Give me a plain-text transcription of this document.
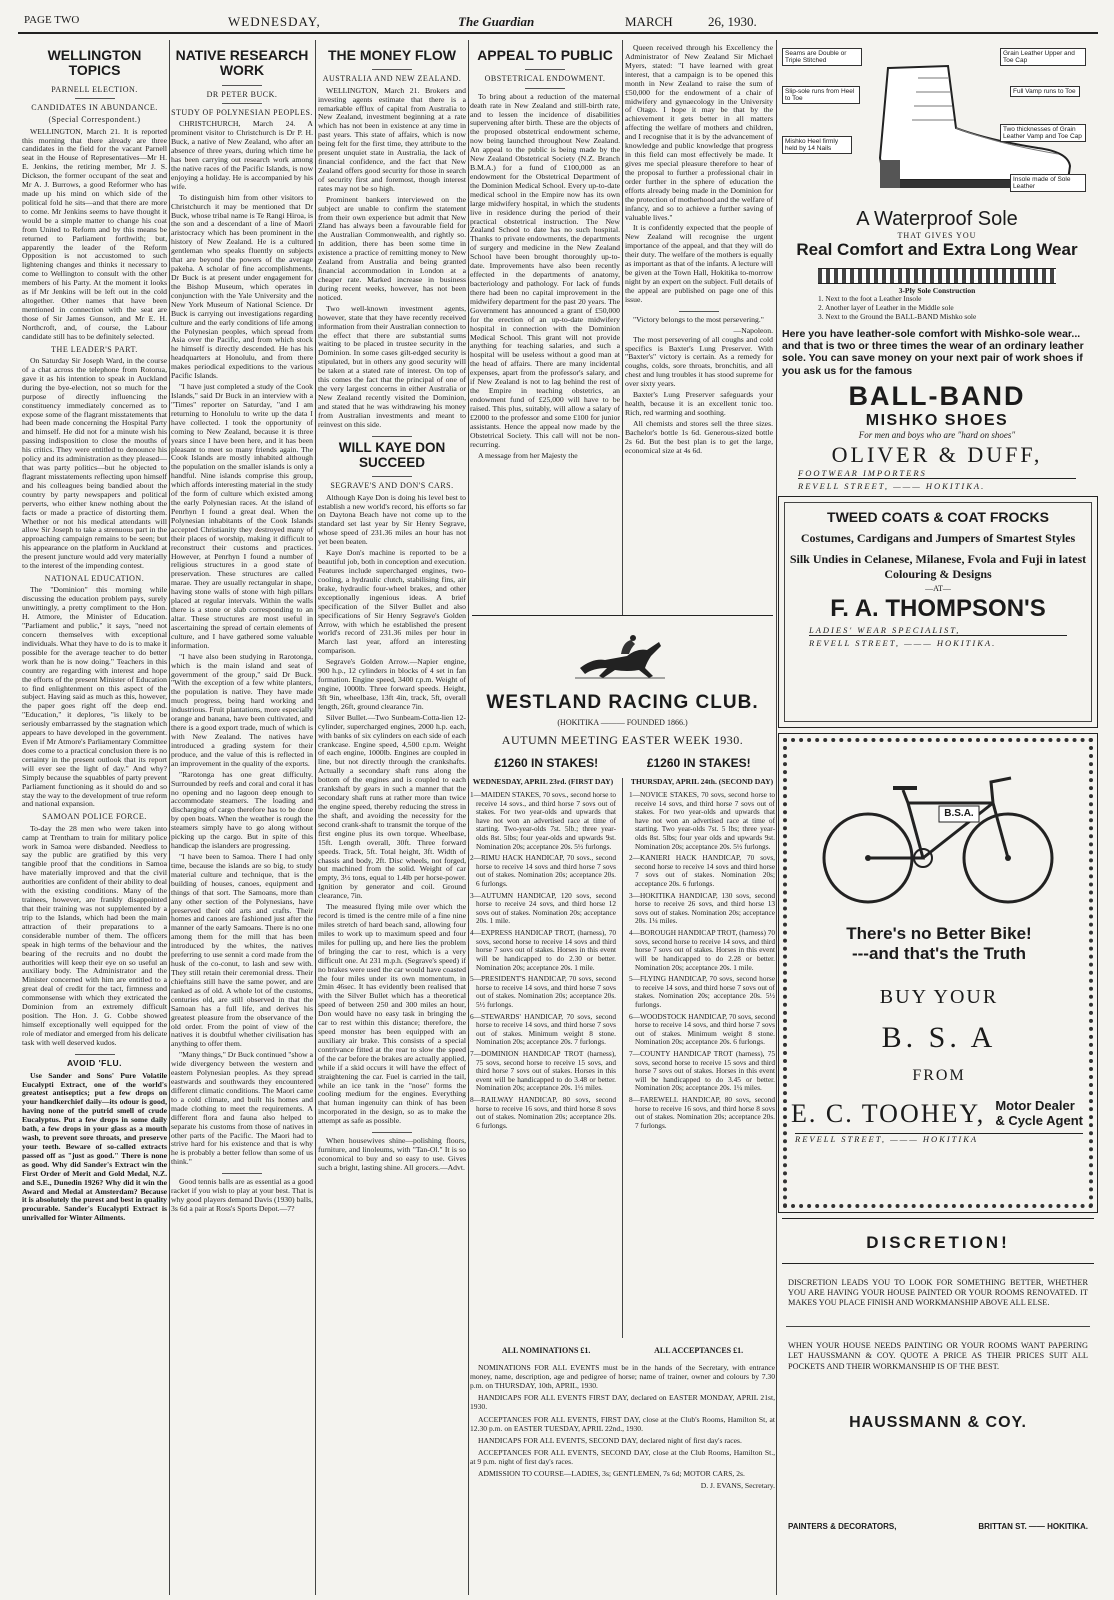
PAGE TWO	WEDNESDAY,	The Guardian	MARCH	26, 1930.
WELLINGTON TOPICS
PARNELL ELECTION.
CANDIDATES IN ABUNDANCE.
(Special Correspondent.)

WELLINGTON, March 21. It is reported this morning that there already are three candidates in the field for the vacant Parnell seat in the House of Representatives—Mr H. E. Jenkins, the retiring member, Mr J. S. Dickson, the former occupant of the seat and Mr A. J. Burrows, a good Reformer who has made up his mind on which side of the political fold he sits—and that there are more to come. Mr Jenkins seems to have thought it would be a simple matter to change his coat from United to Reform and by this means be returned to Parliament forthwith; but, apparently the leader of the Reform Opposition is not accustomed to such lightening changes and thinks it necessary to come to Wellington to consult with the other members of his Party. At the moment it looks as if Mr Jenkins will be left out in the cold altogether. Other names that have been mentioned in connection with the seat are those of Sir James Gunson, and Mr E. H. Northcroft, and, of course, the Labour candidate still has to be definitely selected.

THE LEADER'S PART.

On Saturday Sir Joseph Ward, in the course of a chat across the telephone from Rotorua, gave it as his intention to speak in Auckland during the bye-election, not so much for the purpose of directly influencing the constituency immediately concerned as to expose some of the flagrant misstatements that had been made concerning the Hospital Party and himself. He did not for a minute wish his passing indisposition to close the mouths of his critics. They were entitled to denounce his policy and its administration as they pleased—that was party politics—but he objected to flagrant misstatements reflecting upon himself and his colleagues being bandied about the country by party newspapers and political perverts, who either knew nothing about the facts or made a practice of distorting them. Whether or not his medical attendants will allow Sir Joseph to take a strenuous part in the approaching campaign remains to be seen; but his appearance on the platform in Auckland at the present juncture would add very materially to the interest of the impending contest.

NATIONAL EDUCATION.

The "Dominion" this morning while discussing the education problem pays, surely unwittingly, a pretty compliment to the Hon. H. Atmore, the Minister of Education. "Parliament and public," it says, "need not concern themselves with exceptional individuals. What they have to do is to make it possible for the average teacher to do better work than he is now doing." Teachers in this country are regarding with interest and hope the efforts of the present Minister of Education to find enlightenment on this aspect of the subject. Having said as much as this, however, the paper goes right off the deep end. "Education," it deplores, "is likely to be seriously embarrassed by the stagnation which appears to have developed in the government. Even if Mr Atmore's Parliamentary Committee does come to a practical conclusion there is no certainty in the present outlook that its report will ever see the light of day." And why? Simply because the squabbles of party prevent Parliament functioning as it should do and so stay the way to the development of true reform and national expansion.

SAMOAN POLICE FORCE.

To-day the 28 men who were taken into camp at Trentham to train for military police work in Samoa were disbanded. Needless to say the public are gratified by this very tangible proof that the conditions in Samoa have materially improved and that the civil authorities are confident of their ability to deal with the existing conditions. Many of the trainees, however, are frankly disappointed that their training was not supplemented by a trip to the Islands, which had been the main attraction of their preparations to a considerable number of them. The officers speak in high terms of the behaviour and the bearing of the recruits and no doubt the authorities will keep their eye on so useful an auxiliary body. The Administrator and the Minister concerned with him are entitled to a great deal of credit for the tact, firmness and commonsense with which they extricated the Dominion from an extremely difficult position. The Hon. J. G. Cobbe showed himself exceptionally well equipped for the role of mediator and emerged from his delicate task with well deserved kudos.

AVOID 'FLU.

Use Sander and Sons' Pure Volatile Eucalypti Extract, one of the world's greatest antiseptics; put a few drops on your handkerchief daily—its odour is good, having none of the putrid smell of crude Eucalyptus. Put a few drops in some daily bath, a few drops in your glass as a mouth wash, to prevent sore throats, and preserve your teeth. Beware of so-called extracts passed off as "just as good." There is none as good. Why did Sander's Extract win the First Order of Merit and Gold Medal, N.Z. and S.E., Dunedin 1926? Why did it win the Award and Medal at Amsterdam? Because it is absolutely the purest and best in quality procurable. Sander's Eucalypti Extract is unrivalled for Winter Ailments.

NATIVE RESEARCH WORK
DR PETER BUCK.
STUDY OF POLYNESIAN PEOPLES.

CHRISTCHURCH, March 24. A prominent visitor to Christchurch is Dr P. H. Buck, a native of New Zealand, who after an absence of three years, during which time he has been carrying out research work among the native races of the Pacific Islands, is now enjoying a holiday. He is accompanied by his wife.

To distinguish him from other visitors to Christchurch it may be mentioned that Dr Buck, whose tribal name is Te Rangi Hiroa, is the son and a descendant of a line of Maori aristocracy which has been prominent in the history of New Zealand. He is a cultured gentleman who speaks fluently on subjects that are beyond the powers of the average pakeha. A scholar of fine accomplishments, Dr Buck is at present under engagement for the Bishop Museum, which operates in conjunction with the Yale University and the New York Museum of National Science. Dr Buck is carrying out investigations regarding culture and the early conditions of life among the Polynesian peoples, which spread from Asia over the Pacific, and from which stock he himself is directly descended. He has his headquarters at Honolulu, and from there makes periodical expeditions to the various Pacific Islands.

"I have just completed a study of the Cook Islands," said Dr Buck in an interview with a "Times" reporter on Saturday, "and I am returning to Honolulu to write up the data I have collected. I took the opportunity of coming to New Zealand, because it is three years since I have been here, and it has been pleasant to meet so many friends again. The Cook Islands are mostly inhabited although the population on the smaller islands is only a handful. Nine islands comprise this group, which affords interesting material in the study of the form of culture which existed among the early Polynesian races. At the island of Penrhyn I found a great deal. When the Polynesian inhabitants of the Cook Islands accepted Christianity they destroyed many of their places of worship, making it difficult to reconstruct their customs and practices. However, at Penrhyn I found a number of religious structures in a good state of preservation. These structures are called marae. They are usually rectangular in shape, having stone walls of stone with high pillars placed at regular intervals. Within the walls there is a stone or slab corresponding to an altar. These structures are most useful in ascertaining the spread of certain elements of culture, and I have gathered some valuable information.

"I have also been studying in Rarotonga, which is the main island and seat of government of the group," said Dr Buck. "With the exception of a few white planters, the population is native. They have made much progress, being hard working and industrious. Fruit plantations, more especially orange and banana, have been cultivated, and there is a good export trade, much of which is with New Zealand. The natives have introduced a grading system for their produce, and the value of this is reflected in an improvement in the quality of the exports.

"Rarotonga has one great difficulty. Surrounded by reefs and coral and coral it has no opening and no lagoon deep enough to accommodate steamers. The loading and discharging of cargo therefore has to be done by open boats. When the weather is rough the steamers simply have to go along without picking up the cargo. But in spite of this handicap the islanders are progressing.

"I have been to Samoa. There I had only time, because the islands are so big, to study material culture and technique, that is the building of houses, canoes, equipment and things of that sort. The Samoans, more than any other section of the Polynesians, have preserved their old arts and crafts. Their homes and canoes are fashioned just after the manner of the early Samoans. There is no one among them for the mill that has been introduced by the whites, the natives preferring to use sennit a cord made from the husk of the co-conut, to lash and sew with. They still retain their ceremonial dress. Their chieftains still have the same power, and are ranked as of old. A whole lot of the customs, centuries old, are still observed in that the Samoan has a full life, and derives his greatest pleasure from the observance of the old order. From the point of view of the natives it is doubtful whether civilisation has anything to offer them.

"Many things," Dr Buck continued "show a wide divergency between the western and eastern Polynesian peoples. As they spread eastwards and southwards they encountered different climatic conditions. The Maori came to a cold climate, and built his homes and made clothing to meet the requirements. A different flora and fauna also helped to separate his customs from those of natives in other parts of the Pacific. The Maori had to strive hard for his existence and that is why he is probably a better fellow than some of us think."

Good tennis balls are as essential as a good racket if you wish to play at your best. That is why good players demand Davis (1930) balls, 3s 6d a pair at Ross's Sports Depot.—7?

THE MONEY FLOW
AUSTRALIA AND NEW ZEALAND.

WELLINGTON, March 21. Brokers and investing agents estimate that there is a remarkable efflux of capital from Australia to New Zealand, investment beginning at a rate which has not been in existence at any time in past years. This state of affairs, which is now being felt for the first time, they attribute to the present unquiet state in Australia, the lack of financial confidence, and the fact that New Zealand offers good security for those in search of security first and foremost, though interest rates may not be so high.

Prominent bankers interviewed on the subject are unable to confirm the statement from their own experience but admit that New Zland has always been a favourable field for the Australian Commonwealth, and rightly so. In addition, there has been some time in existence a practice of remitting money to New Zealand from Australia and being granted financial accommodation in London at a cheaper rate. Marked increase in business during recent weeks, however, has not been noticed.

Two well-known investment agents, however, state that they have recently received information from their Australian connection to the effect that there are substantial sums waiting to be placed in trustee security in the Dominion. In some cases gilt-edged security is stipulated, but in others any good security will be taken at a stated rate of interest. On top of this comes the fact that the principal of one of the very largest concerns in either Australia or New Zealand recently visited the Dominion, and stated that he was withdrawing his money from Australian investments and meant to reinvest on this side.

WILL KAYE DON SUCCEED
SEGRAVE'S AND DON'S CARS.

Although Kaye Don is doing his level best to establish a new world's record, his efforts so far on Daytona Beach have not come up to the standard set last year by Sir Henry Segrave, whose speed of 231.36 miles an hour has not yet been beaten.

Kaye Don's machine is reported to be a beautiful job, both in conception and execution. Features include supercharged engines, two-cooling, a hydraulic clutch, stabilising fins, air brake, hydraulic four-wheel brakes, and other exceptionally ingenious ideas. A brief specification of the Silver Bullet and also specifications of Sir Henry Segrave's Golden Arrow, with which he established the present world's record of 231.36 miles per hour in March last year, afford an interesting comparison.

Segrave's Golden Arrow.—Napier engine, 900 h.p., 12 cylinders in blocks of 4 set in fan formation. Engine speed, 3400 r.p.m. Weight of engine, 1000lb. Three forward speeds. Height, 3ft 9in, wheelbase, 13ft 4in, track, 5ft, overall length, 26ft, ground clearance 7in.

Silver Bullet.—Two Sunbeam-Cotta-lien 12-cylinder, supercharged engines, 2000 h.p. each, with banks of six cylinders on each side of each crankcase. Engine speed, 4,500 r.p.m. Weight of each engine, 1000lb. Engines are coupled in line, but not directly through the crankshafts. Actually a secondary shaft runs along the bottom of the engines and is coupled to each crankshaft by gears in such a manner that the secondary shaft runs at rather more than twice the engine speed, thereby reducing the stress in the shaft, and avoiding the necessity for the second crank-shaft to transmit the torque of the first engine plus its own torque. Wheelbase, 15ft. Length overall, 30ft. Three forward speeds. Track, 5ft. Total height, 3ft. Width of chassis and body, 2ft. Disc wheels, not forged, but machined from the solid. Weight of car empty, 3½ tons, equal to 1.4lb per horse-power. Ignition by generator and coil. Ground clearance, 7in.

The measured flying mile over which the record is timed is the centre mile of a fine nine miles stretch of hard beach sand, allowing four miles to work up to maximum speed and four miles for pulling up, and here lies the problem of bringing the car to rest, which is a very difficult one. At 231 m.p.h. (Segrave's speed) if no brakes were used the car would have coasted the four miles under its own momentum, in 2min 46sec. It has evidently been realised that with the Silver Bullet which has a theoretical speed of between 250 and 300 miles an hour, Don would have no easy task in bringing the car to rest within this distance; therefore, the speed monster has been equipped with an auxiliary air brake. This consists of a special contrivance fitted at the rear to slow the speed of the car before the brakes are actually applied, while if a skid occurs it will have the effect of straightening the car. Fuel is carried in the tail, while an ice tank in the "nose" forms the cooling medium for the engines. Everything that human ingenuity can think of has been incorporated in the design, so as to make the attempt as safe as possible.

When housewives shine—polishing floors, furniture, and linoleums, with "Tan-Ol." It is so economical to buy and so easy to use. Gives such a bright, lasting shine. All grocers.—Advt.

APPEAL TO PUBLIC
OBSTETRICAL ENDOWMENT.

To bring about a reduction of the maternal death rate in New Zealand and still-birth rate, and to lessen the incidence of disabilities supervening after birth. These are the objects of the proposed obstetrical endowment scheme, now being launched throughout New Zealand. An appeal to the public is being made by the New Zealand Obstetrical Society (N.Z. Branch B.M.A.) for a fund of £100,000 as an endowment for the Obstetrical Department of the Dominion Medical School. Every up-to-date medical school in the Empire now has its own large midwifery hospital, in which the students live in residence during the period of their practical obstetrical instruction. The New Zealand School to date has no such hospital. Thanks to private endowments, the departments of surgery and medicine in the New Zealand School have been brought thoroughly up-to-date. Improvements have also been recently effected in the departments of anatomy, bacteriology and pathology. For lack of funds there had been no capital improvement in the midwifery department for the past 20 years. The Government has announced a grant of £50,000 for the erection of an up-to-date midwifery hospital in connection with the Dominion Medical School. This grant will not provide anything for teaching salaries, and such a hospital will be useless without a good man at the head of affairs. There are many incidental expenses, apart from the professor's salary, and if New Zealand is not to lag behind the rest of the Empire in teaching obstetrics, an endowment fund of £25,000 will have to be raised. This plus, suitably, will allow a salary of £2000 to the professor and some £100 for junior assistants. Hence the appeal now made by the Obstetrical Society. This call will not be non-recurring.

A message from her Majesty the

Queen received through his Excellency the Administrator of New Zealand Sir Michael Myers, stated: "I have learned with great interest, that a campaign is to be opened this month in New Zealand to raise the sum of £50,000 for the endowment of a chair of midwifery and gynaecology in the University of Otago. I hope it may be that by the achievement it gets better in all matters affecting the welfare of mothers and children, and I recognise that it is by the advancement of knowledge and public knowledge that progress in this field can most effectively be made. It gives me special pleasure therefore to hear of the proposal to further a professional chair in order further in the sphere of education the efforts already being made in the Dominion for the protection of motherhood and the welfare of infancy, and so to achieve a further saving of valuable lives."

It is confidently expected that the people of New Zealand will recognise the urgent importance of the appeal, and that they will do their duty. The welfare of the mothers is equally as important as that of the infants. A lecture will be given at the Town Hall, Hokitika to-morrow night by an expert on the subject. Full details of the appeal are published on page one of this issue.

"Victory belongs to the most persevering."

—Napoleon.

The most persevering of all coughs and cold specifics is Baxter's Lung Preserver. With "Baxter's" victory is certain. As a remedy for coughs, colds, sore throats, bronchitis, and all chest and lung troubles it has stood supreme for over sixty years.

Baxter's Lung Preserver safeguards your health, because it is an excellent tonic too. Rich, red warming and soothing.

All chemists and stores sell the three sizes. Bachelor's bottle 1s 6d. Generous-sized bottle 2s 6d. But the best plan is to get the large, economical size at 4s 6d.

WESTLAND RACING CLUB.
(HOKITIKA ——— FOUNDED 1866.)
AUTUMN MEETING EASTER WEEK 1930.
£1260 IN STAKES!	£1260 IN STAKES!
WEDNESDAY, APRIL 23rd. (FIRST DAY)

1—MAIDEN STAKES, 70 sovs., second horse to receive 14 sovs., and third horse 7 sovs out of stakes. For two year-olds and upwards that have not won an advertised race at time of starting. Two-year-olds 7st. 5lb.; three year-olds 8st. 5lbs; four year-olds and upwards 9st. Nomination 20s; acceptance 20s. 5½ furlongs.

2—RIMU HACK HANDICAP, 70 sovs., second horse to receive 14 sovs and third horse 7 sovs out of stakes. Nomination 20s; acceptance 20s. 6 furlongs.

3—AUTUMN HANDICAP, 120 sovs, second horse to receive 24 sovs, and third horse 12 sovs out of stakes. Nomination 20s; acceptance 20s. 1 mile.

4—EXPRESS HANDICAP TROT, (harness), 70 sovs, second horse to receive 14 sovs and third horse 7 sovs out of stakes. Horses in this event will be handicapped to do 2.30 or better. Nomination 20s; acceptance 20s. 1 mile.

5—PRESIDENT'S HANDICAP, 70 sovs, second horse to receive 14 sovs, and third horse 7 sovs out of stakes. Nomination 20s; acceptance 20s. 5½ furlongs.

6—STEWARDS' HANDICAP, 70 sovs, second horse to receive 14 sovs, and third horse 7 sovs out of stakes. Minimum weight 8 stone. Nomination 20s; acceptance 20s. 7 furlongs.

7—DOMINION HANDICAP TROT (harness), 75 sovs, second horse to receive 15 sovs, and third horse 7 sovs out of stakes. Horses in this event will be handicapped to do 3.48 or better. Nomination 20s; acceptance 20s. 1½ miles.

8—RAILWAY HANDICAP, 80 sovs, second horse to receive 16 sovs, and third horse 8 sovs out of stakes. Nomination 20s; acceptance 20s. 6 furlongs.

THURSDAY, APRIL 24th. (SECOND DAY)

1—NOVICE STAKES, 70 sovs, second horse to receive 14 sovs, and third horse 7 sovs out of stakes. For two year-olds and upwards that have not won an advertised race at time of starting. Two year-olds 7st. 5 lbs; three year-olds 8st. 5lbs; four year olds and upwards 9st. Nomination 20s; acceptance 20s. 5½ furlongs.

2—KANIERI HACK HANDICAP, 70 sovs, second horse to receive 14 sovs and third horse 7 sovs out of stakes. Nomination 20s; acceptance 20s. 6 furlongs.

3—HOKITIKA HANDICAP, 130 sovs, second horse to receive 26 sovs, and third horse 13 sovs out of stakes. Nomination 20s; acceptance 20s. 1¼ miles.

4—BOROUGH HANDICAP TROT, (harness) 70 sovs, second horse to receive 14 sovs, and third horse 7 sovs out of stakes. Horses in this event will be handicapped to do 2.28 or better. Nomination 20s; acceptance 20s. 1 mile.

5—FLYING HANDICAP, 70 sovs, second horse to receive 14 sovs, and third horse 7 sovs out of stakes. Nomination 20s; acceptance 20s. 5½ furlongs.

6—WOODSTOCK HANDICAP, 70 sovs, second horse to receive 14 sovs, and third horse 7 sovs out of stakes. Minimum weight 8 stone. Nomination 20s; acceptance 20s. 6 furlongs.

7—COUNTY HANDICAP TROT (harness), 75 sovs, second horse to receive 15 sovs and third horse 7 sovs out of stakes. Horses in this event will be handicapped to do 3.45 or better. Nomination 20s; acceptance 20s. 1¼ miles.

8—FAREWELL HANDICAP, 80 sovs, second horse to receive 16 sovs, and third horse 8 sovs out of stakes. Nomination 20s; acceptance 20s. 7 furlongs.

ALL NOMINATIONS £1.	ALL ACCEPTANCES £1.

NOMINATIONS FOR ALL EVENTS must be in the hands of the Secretary, with entrance money, name, description, age and pedigree of horse; name of trainer, owner and colours by 7.30 p.m. on THURSDAY, 10th, APRIL, 1930.

HANDICAPS FOR ALL EVENTS FIRST DAY, declared on EASTER MONDAY, APRIL 21st, 1930.

ACCEPTANCES FOR ALL EVENTS, FIRST DAY, close at the Club's Rooms, Hamilton St, at 12.30 p.m. on EASTER TUESDAY, APRIL 22nd., 1930.

HANDICAPS FOR ALL EVENTS, SECOND DAY, declared night of first day's races.

ACCEPTANCES FOR ALL EVENTS, SECOND DAY, close at the Club Rooms, Hamilton St., at 9 p.m. night of first day's races.

ADMISSION TO COURSE—LADIES, 3s; GENTLEMEN, 7s 6d; MOTOR CARS, 2s.

D. J. EVANS, Secretary.

Seams are Double or Triple Stitched
Grain Leather Upper and Toe Cap
Slip-sole runs from Heel to Toe
Full Vamp runs to Toe
Mishko Heel firmly held by 14 Nails
Two thicknesses of Grain Leather Vamp and Toe Cap
Insole made of Sole Leather
A Waterproof Sole
THAT GIVES YOU
Real Comfort and Extra Long Wear
3-Ply Sole Construction
1. Next to the foot a Leather Insole
2. Another layer of Leather in the Middle sole
3. Next to the Ground the BALL-BAND Mishko sole

Here you have leather-sole comfort with Mishko-sole wear... and that is two or three times the wear of an ordinary leather sole. You can save money on your next pair of work shoes if you ask us for the famous

BALL-BAND
MISHKO SHOES
For men and boys who are "hard on shoes"
OLIVER & DUFF,
FOOTWEAR IMPORTERS
REVELL STREET, ——— HOKITIKA.
TWEED COATS & COAT FROCKS
Costumes, Cardigans and Jumpers of Smartest Styles
Silk Undies in Celanese, Milanese, Fvola and Fuji in latest Colouring & Designs
—AT—
F. A. THOMPSON'S
LADIES' WEAR SPECIALIST,
REVELL STREET, ——— HOKITIKA.
B.S.A.
There's no Better Bike!
---and that's the Truth
BUY YOUR
B. S. A
FROM
E. C. TOOHEY, Motor Dealer
& Cycle Agent
REVELL STREET, ——— HOKITIKA
DISCRETION!

DISCRETION LEADS YOU TO LOOK FOR SOMETHING BETTER, WHETHER YOU ARE HAVING YOUR HOUSE PAINTED OR YOUR ROOMS RENOVATED. IT MAKES YOU PLACE FINISH AND WORKMANSHIP ABOVE ALL ELSE.

WHEN YOUR HOUSE NEEDS PAINTING OR YOUR ROOMS WANT PAPERING LET HAUSSMANN & COY. QUOTE A PRICE AS THEIR PRICES SUIT ALL POCKETS AND THEIR WORKMANSHIP IS OF THE BEST.

HAUSSMANN & COY.
PAINTERS & DECORATORS,	BRITTAN ST. —— HOKITIKA.
